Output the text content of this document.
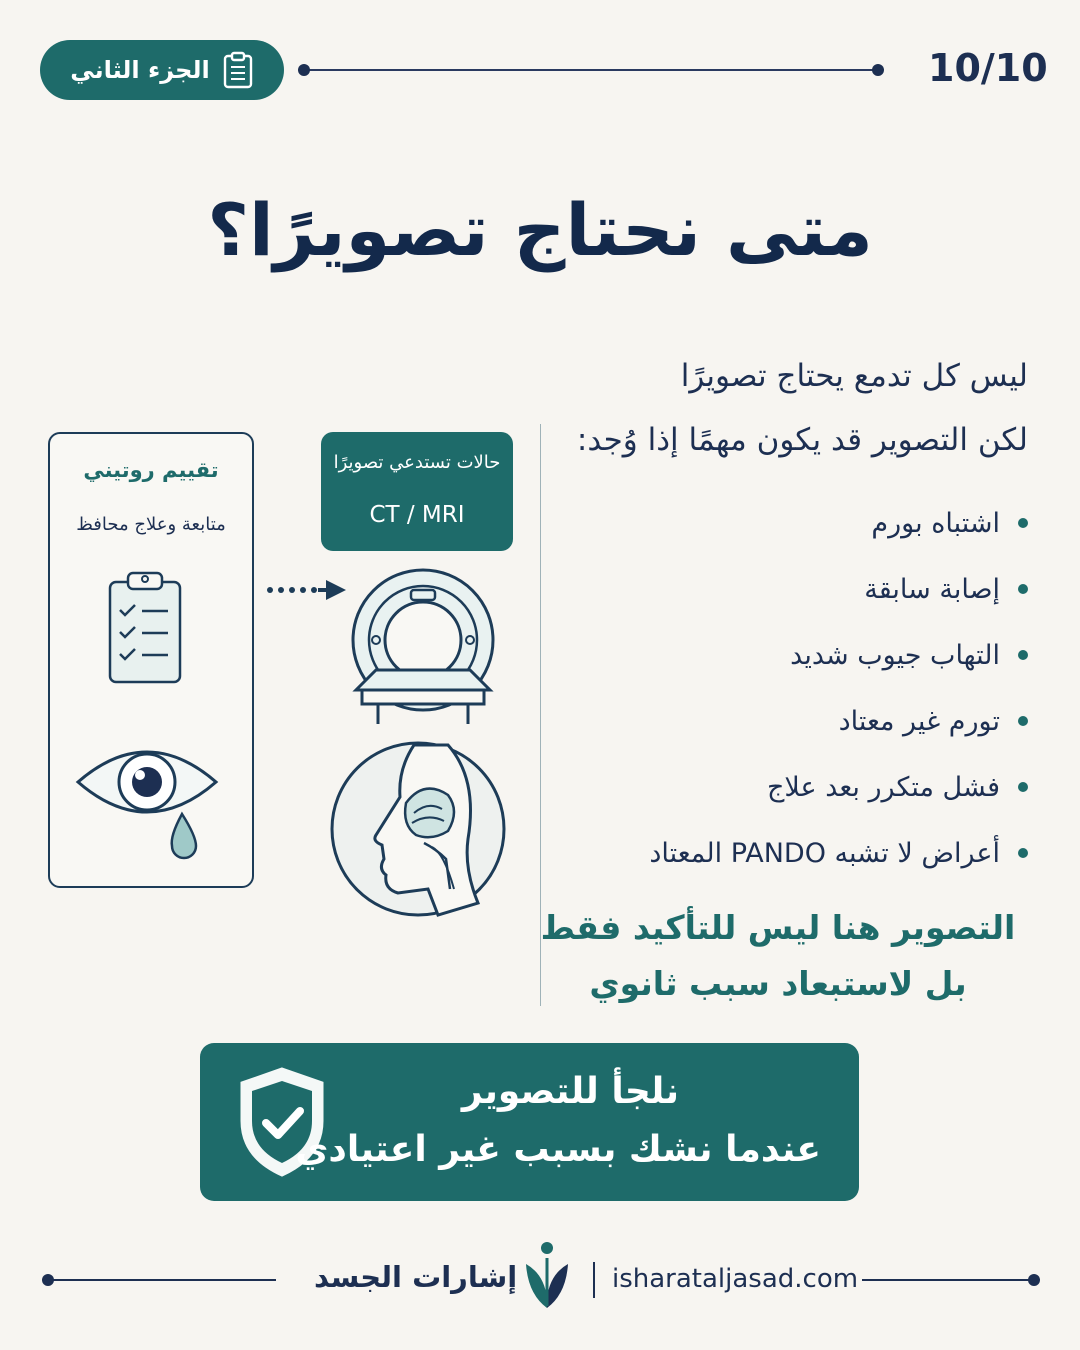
الجزء الثاني	10/10
متى نحتاج تصويرًا؟
ليس كل تدمع يحتاج تصويرًا
لكن التصوير قد يكون مهمًا إذا وُجد:
اشتباه بورم
إصابة سابقة
التهاب جيوب شديد
تورم غير معتاد
فشل متكرر بعد علاج
أعراض لا تشبه PANDO المعتاد
التصوير هنا ليس للتأكيد فقط
بل لاستبعاد سبب ثانوي
تقييم روتيني
متابعة وعلاج محافظ
حالات تستدعي تصويرًا
CT / MRI
نلجأ للتصوير
عندما نشك بسبب غير اعتيادي
إشارات الجسد	isharataljasad.com
